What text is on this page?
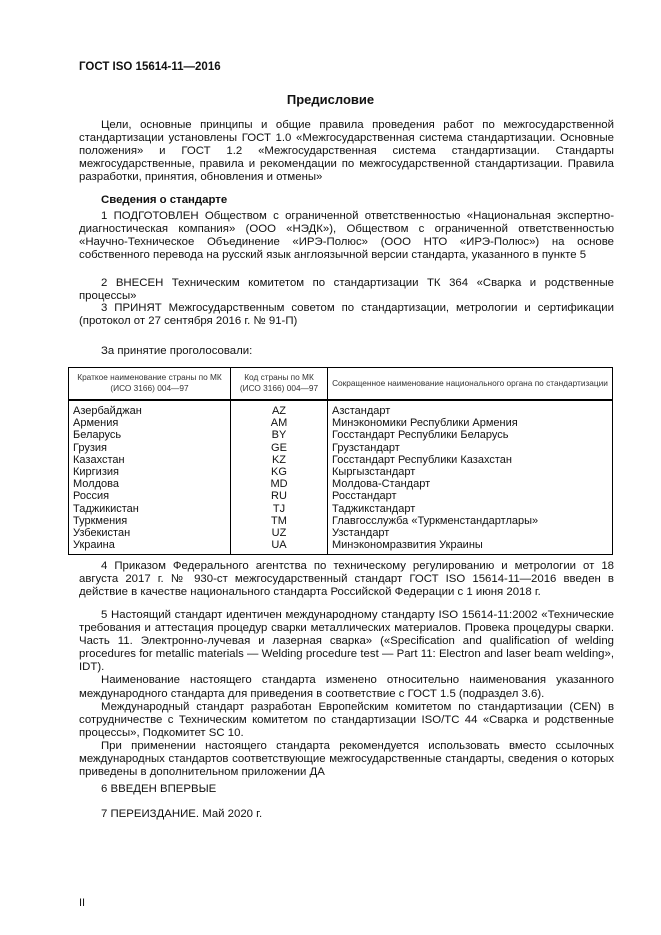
ГОСТ ISO 15614-11—2016
Предисловие

Цели, основные принципы и общие правила проведения работ по межгосударственной стандартизации установлены ГОСТ 1.0 «Межгосударственная система стандартизации. Основные положения» и ГОСТ 1.2 «Межгосударственная система стандартизации. Стандарты межгосударственные, правила и рекомендации по межгосударственной стандартизации. Правила разработки, принятия, обновления и отмены»

Сведения о стандарте

1 ПОДГОТОВЛЕН Обществом с ограниченной ответственностью «Национальная экспертно-диагностическая компания» (ООО «НЭДК»), Обществом с ограниченной ответственностью «Научно-Техническое Объединение «ИРЭ-Полюс» (ООО НТО «ИРЭ-Полюс») на основе собственного перевода на русский язык англоязычной версии стандарта, указанного в пункте 5

2 ВНЕСЕН Техническим комитетом по стандартизации ТК 364 «Сварка и родственные процессы»

3 ПРИНЯТ Межгосударственным советом по стандартизации, метрологии и сертификации (протокол от 27 сентября 2016 г. № 91-П)

За принятие проголосовали:

Краткое наименование страны по МК (ИСО 3166) 004—97	Код страны по МК (ИСО 3166) 004—97	Сокращенное наименование национального органа по стандартизации
Азербайджан	AZ	Азстандарт
Армения	AM	Минэкономики Республики Армения
Беларусь	BY	Госстандарт Республики Беларусь
Грузия	GE	Грузстандарт
Казахстан	KZ	Госстандарт Республики Казахстан
Киргизия	KG	Кыргызстандарт
Молдова	MD	Молдова-Стандарт
Россия	RU	Росстандарт
Таджикистан	TJ	Таджикстандарт
Туркмения	TM	Главгосслужба «Туркменстандартлары»
Узбекистан	UZ	Узстандарт
Украина	UA	Минэкономразвития Украины

4 Приказом Федерального агентства по техническому регулированию и метрологии от 18 августа 2017 г. № 930-ст межгосударственный стандарт ГОСТ ISO 15614-11—2016 введен в действие в качестве национального стандарта Российской Федерации с 1 июня 2018 г.

5 Настоящий стандарт идентичен международному стандарту ISO 15614-11:2002 «Технические требования и аттестация процедур сварки металлических материалов. Провека процедуры сварки. Часть 11. Электронно-лучевая и лазерная сварка» («Specification and qualification of welding procedures for metallic materials — Welding procedure test — Part 11: Electron and laser beam welding», IDT).

Наименование настоящего стандарта изменено относительно наименования указанного международного стандарта для приведения в соответствие с ГОСТ 1.5 (подраздел 3.6).

Международный стандарт разработан Европейским комитетом по стандартизации (CEN) в сотрудничестве с Техническим комитетом по стандартизации ISO/TC 44 «Сварка и родственные процессы», Подкомитет SC 10.

При применении настоящего стандарта рекомендуется использовать вместо ссылочных международных стандартов соответствующие межгосударственные стандарты, сведения о которых приведены в дополнительном приложении ДА

6 ВВЕДЕН ВПЕРВЫЕ

7 ПЕРЕИЗДАНИЕ. Май 2020 г.

II
